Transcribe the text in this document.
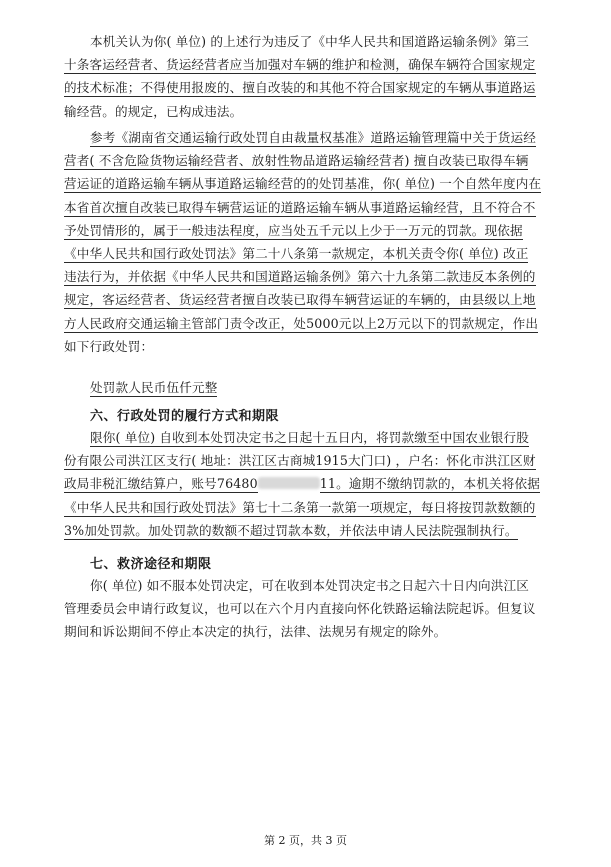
本机关认为你( 单位) 的上述行为违反了《中华人民共和国道路运输条例》第三
十条客运经营者、货运经营者应当加强对车辆的维护和检测，确保车辆符合国家规定
的技术标准；不得使用报废的、擅自改装的和其他不符合国家规定的车辆从事道路运
输经营。的规定，已构成违法。
参考《湖南省交通运输行政处罚自由裁量权基准》道路运输管理篇中关于货运经
营者( 不含危险货物运输经营者、放射性物品道路运输经营者) 擅自改装已取得车辆
营运证的道路运输车辆从事道路运输经营的的处罚基准，你( 单位) 一个自然年度内在
本省首次擅自改装已取得车辆营运证的道路运输车辆从事道路运输经营，且不符合不
予处罚情形的，属于一般违法程度，应当处五千元以上少于一万元的罚款。现依据
《中华人民共和国行政处罚法》第二十八条第一款规定，本机关责令你( 单位) 改正
违法行为，并依据《中华人民共和国道路运输条例》第六十九条第二款违反本条例的
规定，客运经营者、货运经营者擅自改装已取得车辆营运证的车辆的，由县级以上地
方人民政府交通运输主管部门责令改正，处5000元以上2万元以下的罚款规定，作出
如下行政处罚：
处罚款人民币伍仟元整
六、行政处罚的履行方式和期限
限你( 单位) 自收到本处罚决定书之日起十五日内，将罚款缴至中国农业银行股
份有限公司洪江区支行( 地址：洪江区古商城1915大门口) ，户名：怀化市洪江区财
政局非税汇缴结算户，账号76480	11。逾期不缴纳罚款的，本机关将依据
《中华人民共和国行政处罚法》第七十二条第一款第一项规定，每日将按罚款数额的
3%加处罚款。加处罚款的数额不超过罚款本数，并依法申请人民法院强制执行。
七、救济途径和期限
你( 单位) 如不服本处罚决定，可在收到本处罚决定书之日起六十日内向洪江区
管理委员会申请行政复议，也可以在六个月内直接向怀化铁路运输法院起诉。但复议
期间和诉讼期间不停止本决定的执行，法律、法规另有规定的除外。
第 2 页，共 3 页
